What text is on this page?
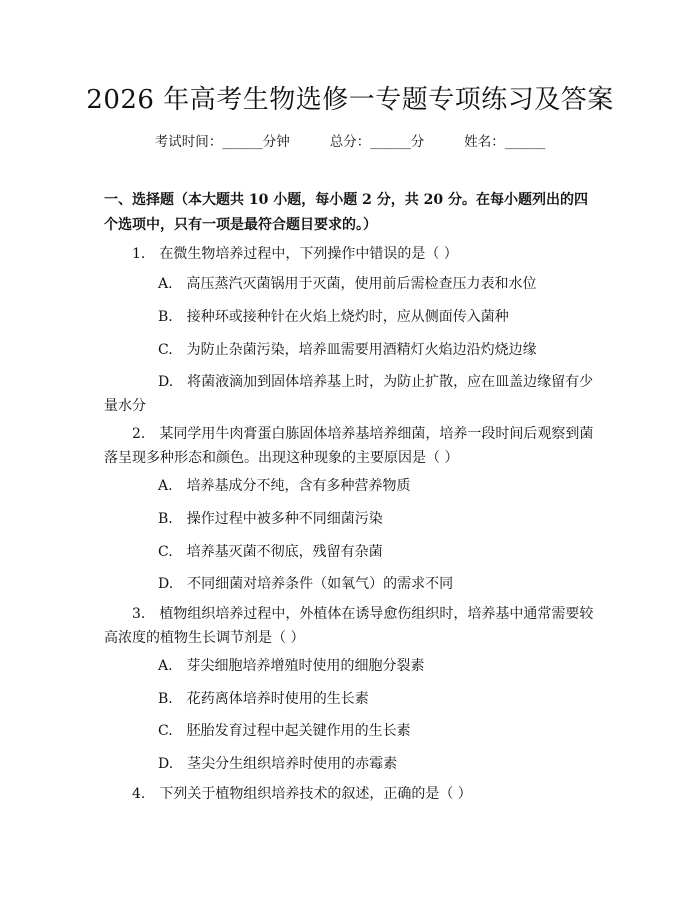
2026 年高考生物选修一专题专项练习及答案
考试时间：______分钟	总分：______分	姓名：______
一、选择题（本大题共 10 小题，每小题 2 分，共 20 分。在每小题列出的四个选项中，只有一项是最符合题目要求的。）
1.　在微生物培养过程中，下列操作中错误的是（ ）
A.　高压蒸汽灭菌锅用于灭菌，使用前后需检查压力表和水位
B.　接种环或接种针在火焰上烧灼时，应从侧面传入菌种
C.　为防止杂菌污染，培养皿需要用酒精灯火焰边沿灼烧边缘
D.　将菌液滴加到固体培养基上时，为防止扩散，应在皿盖边缘留有少量水分
2.　某同学用牛肉膏蛋白胨固体培养基培养细菌，培养一段时间后观察到菌落呈现多种形态和颜色。出现这种现象的主要原因是（ ）
A.　培养基成分不纯，含有多种营养物质
B.　操作过程中被多种不同细菌污染
C.　培养基灭菌不彻底，残留有杂菌
D.　不同细菌对培养条件（如氧气）的需求不同
3.　植物组织培养过程中，外植体在诱导愈伤组织时，培养基中通常需要较高浓度的植物生长调节剂是（ ）
A.　芽尖细胞培养增殖时使用的细胞分裂素
B.　花药离体培养时使用的生长素
C.　胚胎发育过程中起关键作用的生长素
D.　茎尖分生组织培养时使用的赤霉素
4.　下列关于植物组织培养技术的叙述，正确的是（ ）
